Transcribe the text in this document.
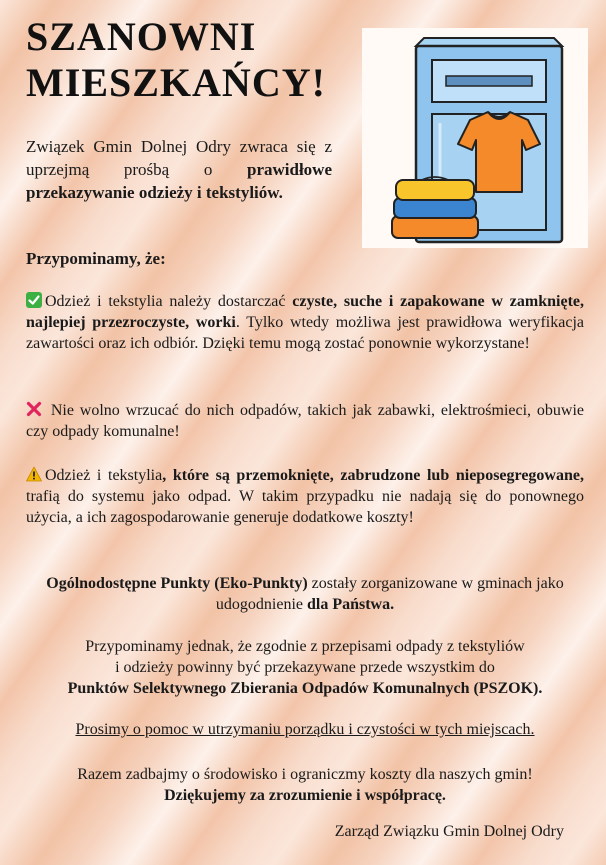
SZANOWNI
MIESZKAŃCY!

Związek Gmin Dolnej Odry zwraca się z uprzejmą prośbą o prawidłowe przekazywanie odzieży i tekstyliów.

Przypominamy, że:

Odzież i tekstylia należy dostarczać czyste, suche i zapakowane w zamknięte, najlepiej przezroczyste, worki. Tylko wtedy możliwa jest prawidłowa weryfikacja zawartości oraz ich odbiór. Dzięki temu mogą zostać ponownie wykorzystane!

Nie wolno wrzucać do nich odpadów, takich jak zabawki, elektrośmieci, obuwie czy odpady komunalne!

Odzież i tekstylia, które są przemoknięte, zabrudzone lub nieposegregowane, trafią do systemu jako odpad. W takim przypadku nie nadają się do ponownego użycia, a ich zagospodarowanie generuje dodatkowe koszty!

Ogólnodostępne Punkty (Eko-Punkty) zostały zorganizowane w gminach jako udogodnienie dla Państwa.

Przypominamy jednak, że zgodnie z przepisami odpady z tekstyliów
i odzieży powinny być przekazywane przede wszystkim do
Punktów Selektywnego Zbierania Odpadów Komunalnych (PSZOK).

Prosimy o pomoc w utrzymaniu porządku i czystości w tych miejscach.

Razem zadbajmy o środowisko i ograniczmy koszty dla naszych gmin!
Dziękujemy za zrozumienie i współpracę.

Zarząd Związku Gmin Dolnej Odry
